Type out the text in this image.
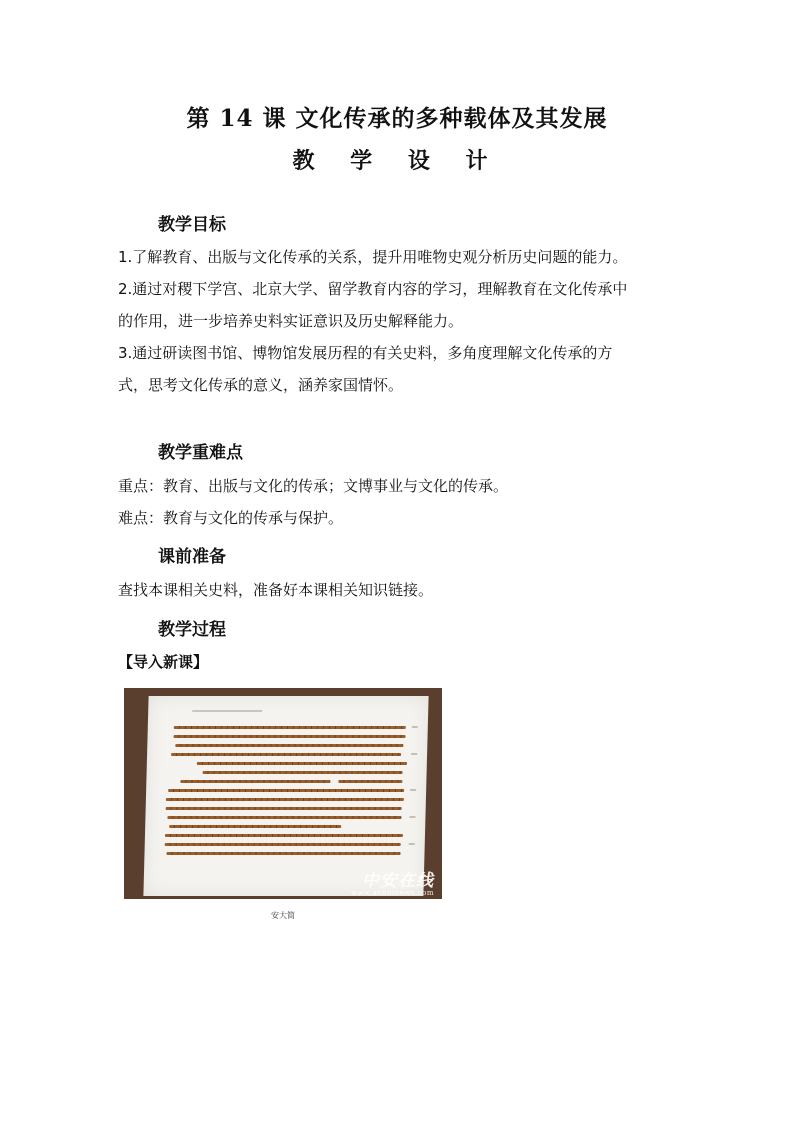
第 14 课 文化传承的多种载体及其发展
教 学 设 计
教学目标
1.了解教育、出版与文化传承的关系，提升用唯物史观分析历史问题的能力。
2.通过对稷下学宫、北京大学、留学教育内容的学习，理解教育在文化传承中
的作用，进一步培养史料实证意识及历史解释能力。
3.通过研读图书馆、博物馆发展历程的有关史料，多角度理解文化传承的方
式，思考文化传承的意义，涵养家国情怀。
教学重难点
重点：教育、出版与文化的传承；文博事业与文化的传承。
难点：教育与文化的传承与保护。
课前准备
查找本课相关史料，准备好本课相关知识链接。
教学过程
【导入新课】
中安在线
www.anhuinews.com
安大简
